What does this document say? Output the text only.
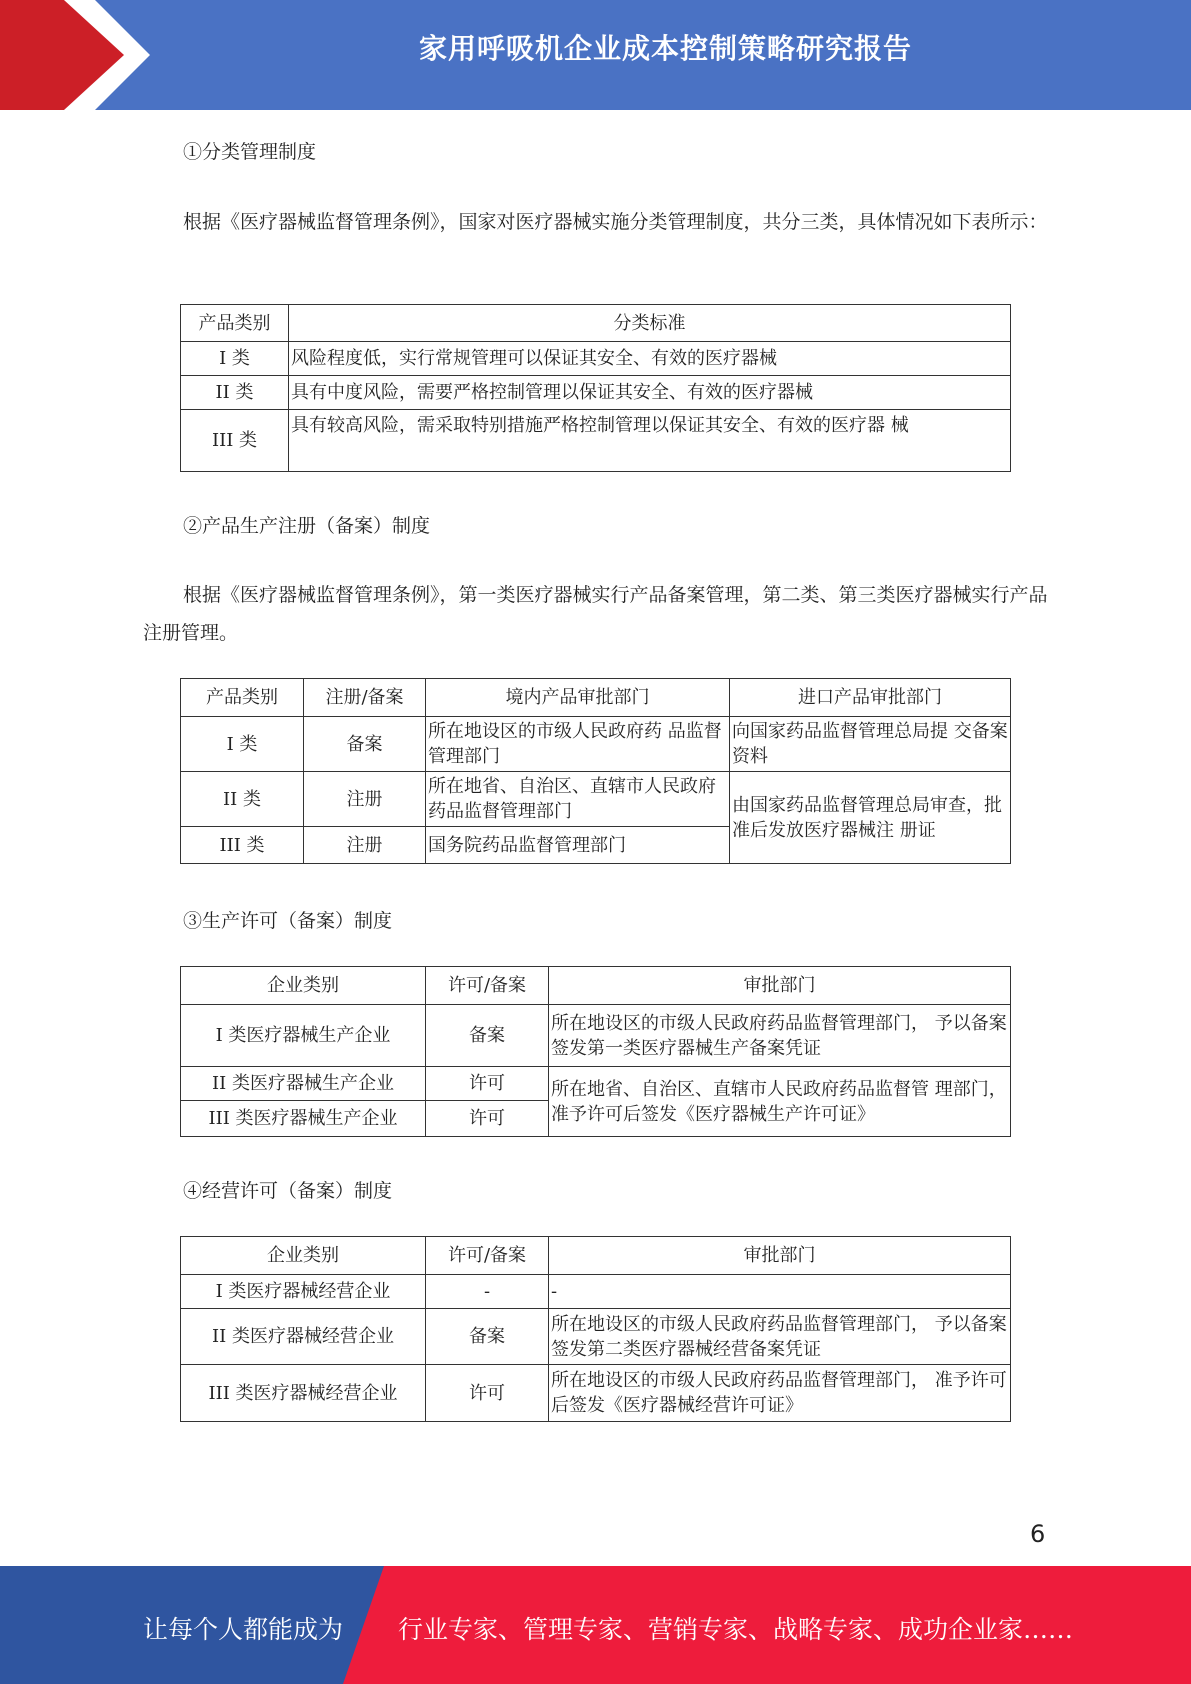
家用呼吸机企业成本控制策略研究报告
①分类管理制度
根据《医疗器械监督管理条例》，国家对医疗器械实施分类管理制度，共分三类，具体情况如下表所示：
产品类别	分类标准
I 类	风险程度低，实行常规管理可以保证其安全、有效的医疗器械
II 类	具有中度风险，需要严格控制管理以保证其安全、有效的医疗器械
III 类	具有较高风险，需采取特别措施严格控制管理以保证其安全、有效的医疗器 械
②产品生产注册（备案）制度
根据《医疗器械监督管理条例》，第一类医疗器械实行产品备案管理，第二类、第三类医疗器械实行产品注册管理。
产品类别	注册/备案	境内产品审批部门	进口产品审批部门
I 类	备案	所在地设区的市级人民政府药 品监督管理部门	向国家药品监督管理总局提 交备案资料
II 类	注册	所在地省、自治区、直辖市人民政府药品监督管理部门	由国家药品监督管理总局审查，批准后发放医疗器械注 册证
III 类	注册	国务院药品监督管理部门	
③生产许可（备案）制度
企业类别	许可/备案	审批部门
I 类医疗器械生产企业	备案	所在地设区的市级人民政府药品监督管理部门， 予以备案签发第一类医疗器械生产备案凭证
II 类医疗器械生产企业	许可	所在地省、自治区、直辖市人民政府药品监督管 理部门，准予许可后签发《医疗器械生产许可证》
III 类医疗器械生产企业	许可	
④经营许可（备案）制度
企业类别	许可/备案	审批部门
I 类医疗器械经营企业	-	-
II 类医疗器械经营企业	备案	所在地设区的市级人民政府药品监督管理部门， 予以备案签发第二类医疗器械经营备案凭证
III 类医疗器械经营企业	许可	所在地设区的市级人民政府药品监督管理部门， 准予许可后签发《医疗器械经营许可证》
6
让每个人都能成为 行业专家、管理专家、营销专家、战略专家、成功企业家……
